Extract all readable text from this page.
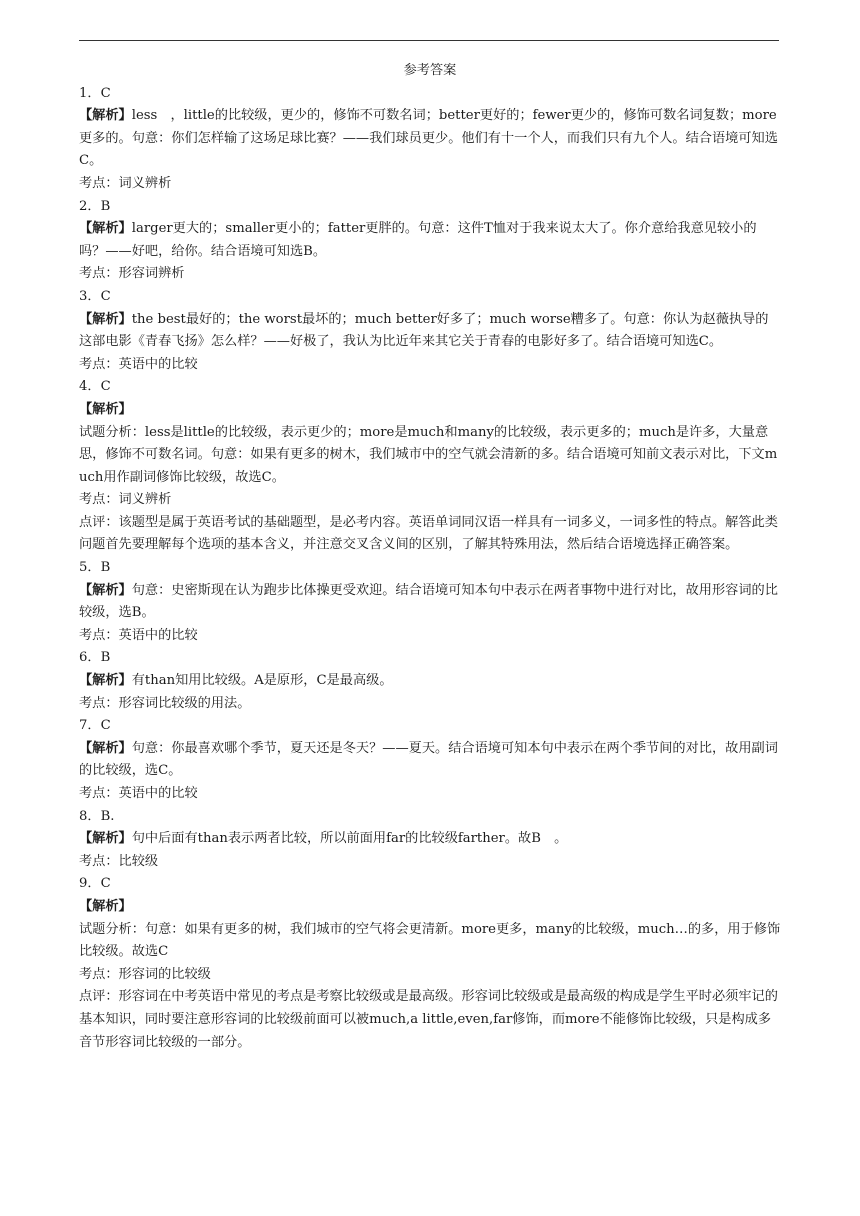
参考答案
1．C
【解析】less　，little的比较级，更少的，修饰不可数名词；better更好的；fewer更少的，修饰可数名词复数；more更多的。句意：你们怎样输了这场足球比赛？——我们球员更少。他们有十一个人，而我们只有九个人。结合语境可知选C。
考点：词义辨析
2．B
【解析】larger更大的；smaller更小的；fatter更胖的。句意：这件T恤对于我来说太大了。你介意给我意见较小的吗？——好吧，给你。结合语境可知选B。
考点：形容词辨析
3．C
【解析】the best最好的；the worst最坏的；much better好多了；much worse糟多了。句意：你认为赵薇执导的这部电影《青春飞扬》怎么样？——好极了，我认为比近年来其它关于青春的电影好多了。结合语境可知选C。
考点：英语中的比较
4．C
【解析】
试题分析：less是little的比较级，表示更少的；more是much和many的比较级，表示更多的；much是许多，大量意思，修饰不可数名词。句意：如果有更多的树木，我们城市中的空气就会清新的多。结合语境可知前文表示对比，下文much用作副词修饰比较级，故选C。
考点：词义辨析
点评：该题型是属于英语考试的基础题型，是必考内容。英语单词同汉语一样具有一词多义，一词多性的特点。解答此类问题首先要理解每个选项的基本含义，并注意交叉含义间的区别，了解其特殊用法，然后结合语境选择正确答案。
5．B
【解析】句意：史密斯现在认为跑步比体操更受欢迎。结合语境可知本句中表示在两者事物中进行对比，故用形容词的比较级，选B。
考点：英语中的比较
6．B
【解析】有than知用比较级。A是原形，C是最高级。
考点：形容词比较级的用法。
7．C
【解析】句意：你最喜欢哪个季节，夏天还是冬天？——夏天。结合语境可知本句中表示在两个季节间的对比，故用副词的比较级，选C。
考点：英语中的比较
8．B.
【解析】句中后面有than表示两者比较，所以前面用far的比较级farther。故B　。
考点：比较级
9．C
【解析】
试题分析：句意：如果有更多的树，我们城市的空气将会更清新。more更多，many的比较级，much…的多，用于修饰比较级。故选C
考点：形容词的比较级
点评：形容词在中考英语中常见的考点是考察比较级或是最高级。形容词比较级或是最高级的构成是学生平时必须牢记的基本知识，同时要注意形容词的比较级前面可以被much,a little,even,far修饰，而more不能修饰比较级，只是构成多音节形容词比较级的一部分。
